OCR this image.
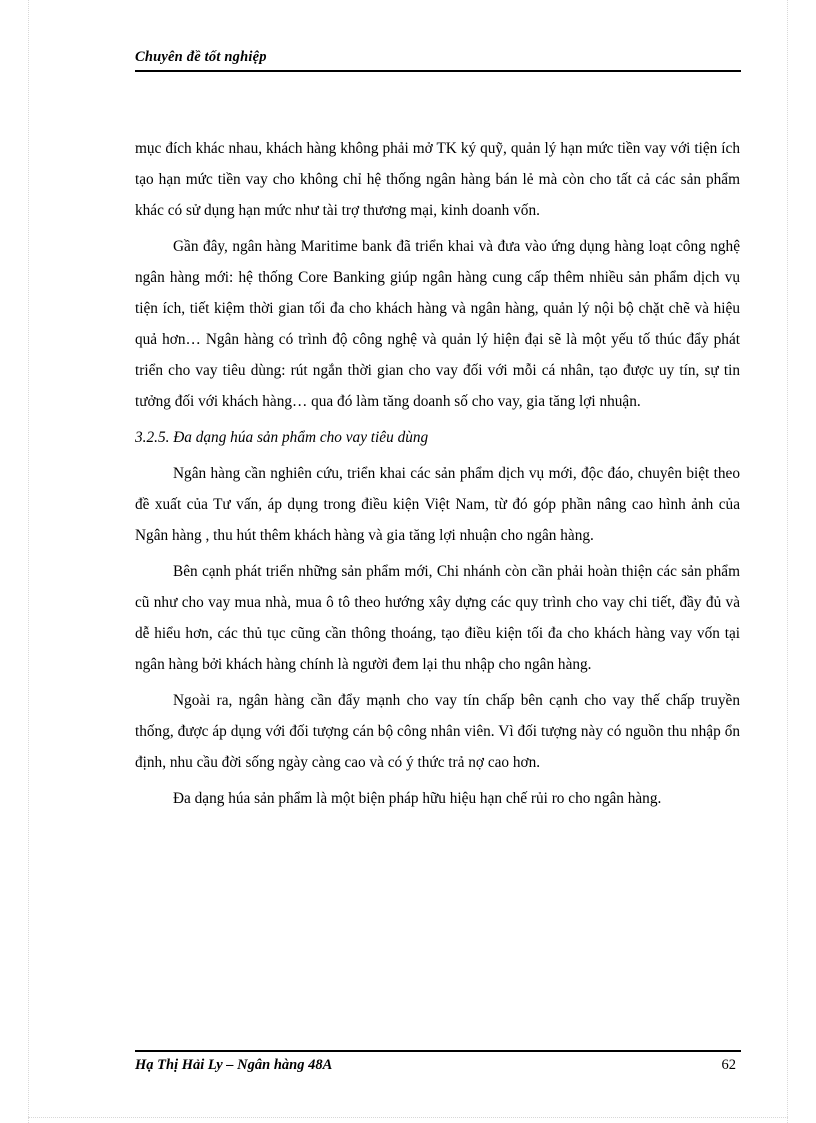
Chuyên đề tốt nghiệp

mục đích khác nhau, khách hàng không phải mở TK ký quỹ, quản lý hạn mức tiền vay với tiện ích tạo hạn mức tiền vay cho không chỉ hệ thống ngân hàng bán lẻ mà còn cho tất cả các sản phẩm khác có sử dụng hạn mức như tài trợ thương mại, kinh doanh vốn.

Gần đây, ngân hàng Maritime bank đã triển khai và đưa vào ứng dụng hàng loạt công nghệ ngân hàng mới: hệ thống Core Banking giúp ngân hàng cung cấp thêm nhiều sản phẩm dịch vụ tiện ích, tiết kiệm thời gian tối đa cho khách hàng và ngân hàng, quản lý nội bộ chặt chẽ và hiệu quả hơn… Ngân hàng có trình độ công nghệ và quản lý hiện đại sẽ là một yếu tố thúc đẩy phát triển cho vay tiêu dùng: rút ngắn thời gian cho vay đối với mỗi cá nhân, tạo được uy tín, sự tin tưởng đối với khách hàng… qua đó làm tăng doanh số cho vay, gia tăng lợi nhuận.

3.2.5. Đa dạng húa sản phẩm cho vay tiêu dùng

Ngân hàng cần nghiên cứu, triển khai các sản phẩm dịch vụ mới, độc đáo, chuyên biệt theo đề xuất của Tư vấn, áp dụng trong điều kiện Việt Nam, từ đó góp phần nâng cao hình ảnh của Ngân hàng , thu hút thêm khách hàng và gia tăng lợi nhuận cho ngân hàng.

Bên cạnh phát triển những sản phẩm mới, Chi nhánh còn cần phải hoàn thiện các sản phẩm cũ như cho vay mua nhà, mua ô tô theo hướng xây dựng các quy trình cho vay chi tiết, đầy đủ và dễ hiểu hơn, các thủ tục cũng cần thông thoáng, tạo điều kiện tối đa cho khách hàng vay vốn tại ngân hàng bởi khách hàng chính là người đem lại thu nhập cho ngân hàng.

Ngoài ra, ngân hàng cần đẩy mạnh cho vay tín chấp bên cạnh cho vay thế chấp truyền thống, được áp dụng với đối tượng cán bộ công nhân viên. Vì đối tượng này có nguồn thu nhập ổn định, nhu cầu đời sống ngày càng cao và có ý thức trả nợ cao hơn.

Đa dạng húa sản phẩm là một biện pháp hữu hiệu hạn chế rủi ro cho ngân hàng.

Hạ Thị Hải Ly – Ngân hàng 48A	62
